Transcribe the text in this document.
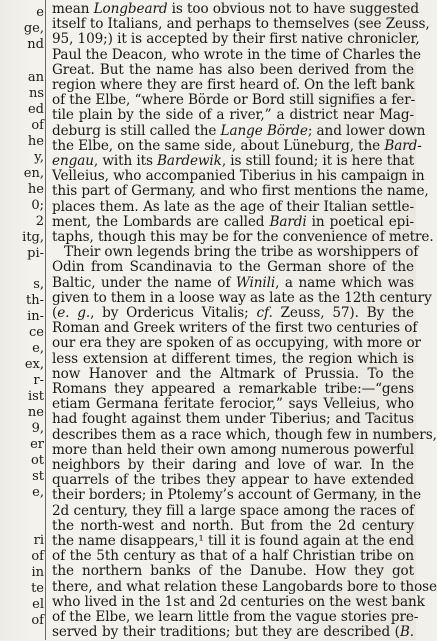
e
ge,
nd
an
ns
ed
of
he
y,
en,
he
0;
2
itg,
pi-
s,
th-
in-
ce
e,
ex,
r-
ist
ne
9,
er
ot
st
e,
ri
of
in
te
el
of
mean Longbeard is too obvious not to have suggested
itself to Italians, and perhaps to themselves (see Zeuss,
95, 109;) it is accepted by their first native chronicler,
Paul the Deacon, who wrote in the time of Charles the
Great. But the name has also been derived from the
region where they are first heard of. On the left bank
of the Elbe, “where Börde or Bord still signifies a fer-
tile plain by the side of a river,” a district near Mag-
deburg is still called the Lange Börde; and lower down
the Elbe, on the same side, about Lüneburg, the Bard-
engau, with its Bardewik, is still found; it is here that
Velleius, who accompanied Tiberius in his campaign in
this part of Germany, and who first mentions the name,
places them. As late as the age of their Italian settle-
ment, the Lombards are called Bardi in poetical epi-
taphs, though this may be for the convenience of metre.
Their own legends bring the tribe as worshippers of
Odin from Scandinavia to the German shore of the
Baltic, under the name of Winili, a name which was
given to them in a loose way as late as the 12th century
(e. g., by Ordericus Vitalis; cf. Zeuss, 57). By the
Roman and Greek writers of the first two centuries of
our era they are spoken of as occupying, with more or
less extension at different times, the region which is
now Hanover and the Altmark of Prussia. To the
Romans they appeared a remarkable tribe:—“gens
etiam Germana feritate ferocior,” says Velleius, who
had fought against them under Tiberius; and Tacitus
describes them as a race which, though few in numbers,
more than held their own among numerous powerful
neighbors by their daring and love of war. In the
quarrels of the tribes they appear to have extended
their borders; in Ptolemy’s account of Germany, in the
2d century, they fill a large space among the races of
the north-west and north. But from the 2d century
the name disappears,¹ till it is found again at the end
of the 5th century as that of a half Christian tribe on
the northern banks of the Danube. How they got
there, and what relation these Langobards bore to those
who lived in the 1st and 2d centuries on the west bank
of the Elbe, we learn little from the vague stories pre-
served by their traditions; but they are described (B.
